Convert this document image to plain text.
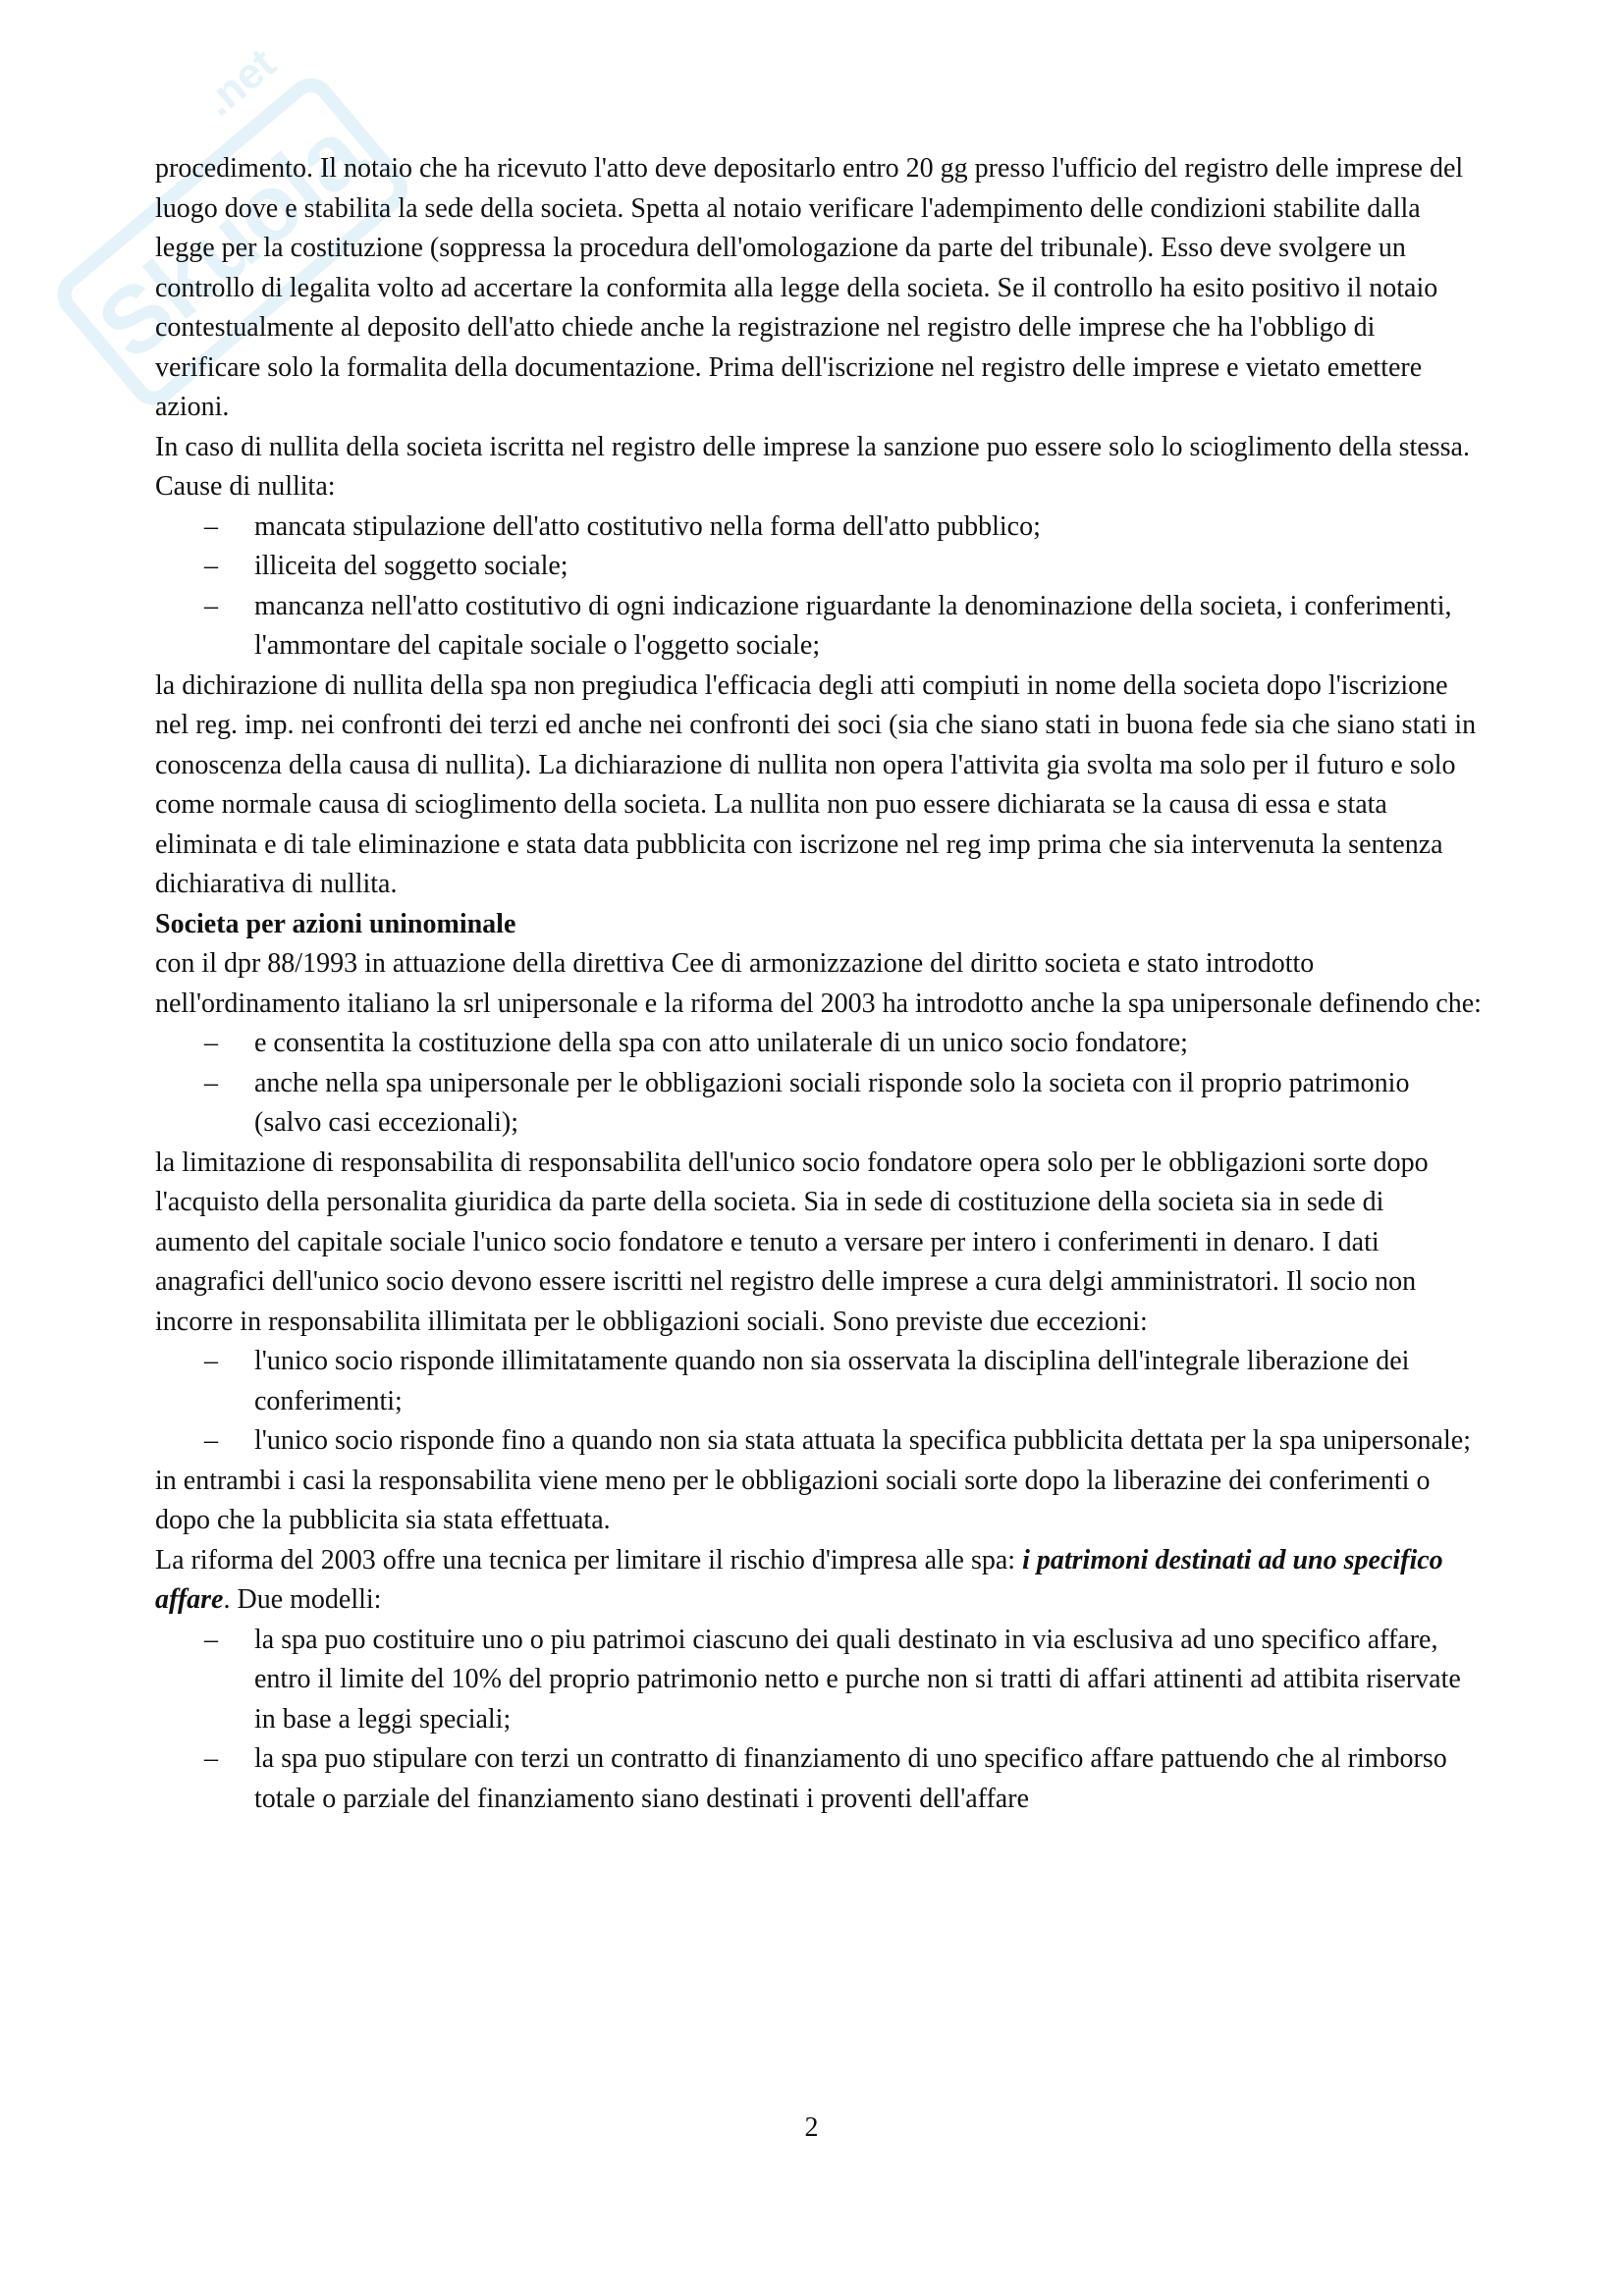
Skuola
.net

procedimento. Il notaio che ha ricevuto l'atto deve depositarlo entro 20 gg presso l'ufficio del registro delle imprese del luogo dove e stabilita la sede della societa. Spetta al notaio verificare l'adempimento delle condizioni stabilite dalla legge per la costituzione (soppressa la procedura dell'omologazione da parte del tribunale). Esso deve svolgere un controllo di legalita volto ad accertare la conformita alla legge della societa. Se il controllo ha esito positivo il notaio contestualmente al deposito dell'atto chiede anche la registrazione nel registro delle imprese che ha l'obbligo di verificare solo la formalita della documentazione. Prima dell'iscrizione nel registro delle imprese e vietato emettere azioni.

In caso di nullita della societa iscritta nel registro delle imprese la sanzione puo essere solo lo scioglimento della stessa. Cause di nullita:

– mancata stipulazione dell'atto costitutivo nella forma dell'atto pubblico;
– illiceita del soggetto sociale;
– mancanza nell'atto costitutivo di ogni indicazione riguardante la denominazione della societa, i conferimenti, l'ammontare del capitale sociale o l'oggetto sociale;

la dichirazione di nullita della spa non pregiudica l'efficacia degli atti compiuti in nome della societa dopo l'iscrizione nel reg. imp. nei confronti dei terzi ed anche nei confronti dei soci (sia che siano stati in buona fede sia che siano stati in conoscenza della causa di nullita). La dichiarazione di nullita non opera l'attivita gia svolta ma solo per il futuro e solo come normale causa di scioglimento della societa. La nullita non puo essere dichiarata se la causa di essa e stata eliminata e di tale eliminazione e stata data pubblicita con iscrizone nel reg imp prima che sia intervenuta la sentenza dichiarativa di nullita.

Societa per azioni uninominale

con il dpr 88/1993 in attuazione della direttiva Cee di armonizzazione del diritto societa e stato introdotto nell'ordinamento italiano la srl unipersonale e la riforma del 2003 ha introdotto anche la spa unipersonale definendo che:

– e consentita la costituzione della spa con atto unilaterale di un unico socio fondatore;
– anche nella spa unipersonale per le obbligazioni sociali risponde solo la societa con il proprio patrimonio (salvo casi eccezionali);

la limitazione di responsabilita di responsabilita dell'unico socio fondatore opera solo per le obbligazioni sorte dopo l'acquisto della personalita giuridica da parte della societa. Sia in sede di costituzione della societa sia in sede di aumento del capitale sociale l'unico socio fondatore e tenuto a versare per intero i conferimenti in denaro. I dati anagrafici dell'unico socio devono essere iscritti nel registro delle imprese a cura delgi amministratori. Il socio non incorre in responsabilita illimitata per le obbligazioni sociali. Sono previste due eccezioni:

– l'unico socio risponde illimitatamente quando non sia osservata la disciplina dell'integrale liberazione dei conferimenti;
– l'unico socio risponde fino a quando non sia stata attuata la specifica pubblicita dettata per la spa unipersonale;

in entrambi i casi la responsabilita viene meno per le obbligazioni sociali sorte dopo la liberazine dei conferimenti o dopo che la pubblicita sia stata effettuata.

La riforma del 2003 offre una tecnica per limitare il rischio d'impresa alle spa: i patrimoni destinati ad uno specifico affare. Due modelli:

– la spa puo costituire uno o piu patrimoi ciascuno dei quali destinato in via esclusiva ad uno specifico affare, entro il limite del 10% del proprio patrimonio netto e purche non si tratti di affari attinenti ad attibita riservate in base a leggi speciali;
– la spa puo stipulare con terzi un contratto di finanziamento di uno specifico affare pattuendo che al rimborso totale o parziale del finanziamento siano destinati i proventi dell'affare
2
